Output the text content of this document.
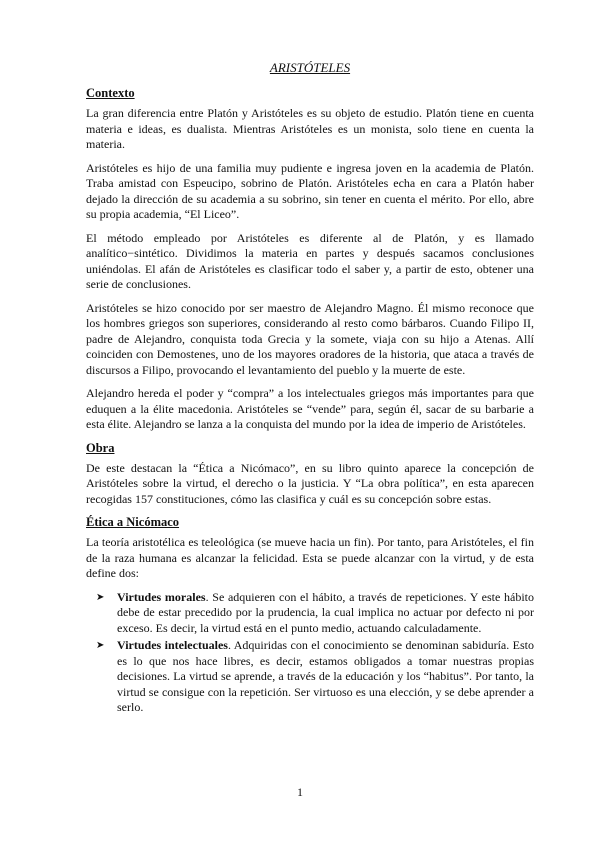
ARISTÓTELES
Contexto

La gran diferencia entre Platón y Aristóteles es su objeto de estudio. Platón tiene en cuenta materia e ideas, es dualista. Mientras Aristóteles es un monista, solo tiene en cuenta la materia.

Aristóteles es hijo de una familia muy pudiente e ingresa joven en la academia de Platón. Traba amistad con Espeucipo, sobrino de Platón. Aristóteles echa en cara a Platón haber dejado la dirección de su academia a su sobrino, sin tener en cuenta el mérito. Por ello, abre su propia academia, “El Liceo”.

El método empleado por Aristóteles es diferente al de Platón, y es llamado analítico−sintético. Dividimos la materia en partes y después sacamos conclusiones uniéndolas. El afán de Aristóteles es clasificar todo el saber y, a partir de esto, obtener una serie de conclusiones.

Aristóteles se hizo conocido por ser maestro de Alejandro Magno. Él mismo reconoce que los hombres griegos son superiores, considerando al resto como bárbaros. Cuando Filipo II, padre de Alejandro, conquista toda Grecia y la somete, viaja con su hijo a Atenas. Allí coinciden con Demostenes, uno de los mayores oradores de la historia, que ataca a través de discursos a Filipo, provocando el levantamiento del pueblo y la muerte de este.

Alejandro hereda el poder y “compra” a los intelectuales griegos más importantes para que eduquen a la élite macedonia. Aristóteles se “vende” para, según él, sacar de su barbarie a esta élite. Alejandro se lanza a la conquista del mundo por la idea de imperio de Aristóteles.

Obra

De este destacan la “Ética a Nicómaco”, en su libro quinto aparece la concepción de Aristóteles sobre la virtud, el derecho o la justicia. Y “La obra política”, en esta aparecen recogidas 157 constituciones, cómo las clasifica y cuál es su concepción sobre estas.

Ética a Nicómaco

La teoría aristotélica es teleológica (se mueve hacia un fin). Por tanto, para Aristóteles, el fin de la raza humana es alcanzar la felicidad. Esta se puede alcanzar con la virtud, y de esta define dos:

➤ Virtudes morales. Se adquieren con el hábito, a través de repeticiones. Y este hábito debe de estar precedido por la prudencia, la cual implica no actuar por defecto ni por exceso. Es decir, la virtud está en el punto medio, actuando calculadamente.
➤ Virtudes intelectuales. Adquiridas con el conocimiento se denominan sabiduría. Esto es lo que nos hace libres, es decir, estamos obligados a tomar nuestras propias decisiones. La virtud se aprende, a través de la educación y los “habitus”. Por tanto, la virtud se consigue con la repetición. Ser virtuoso es una elección, y se debe aprender a serlo.
1
